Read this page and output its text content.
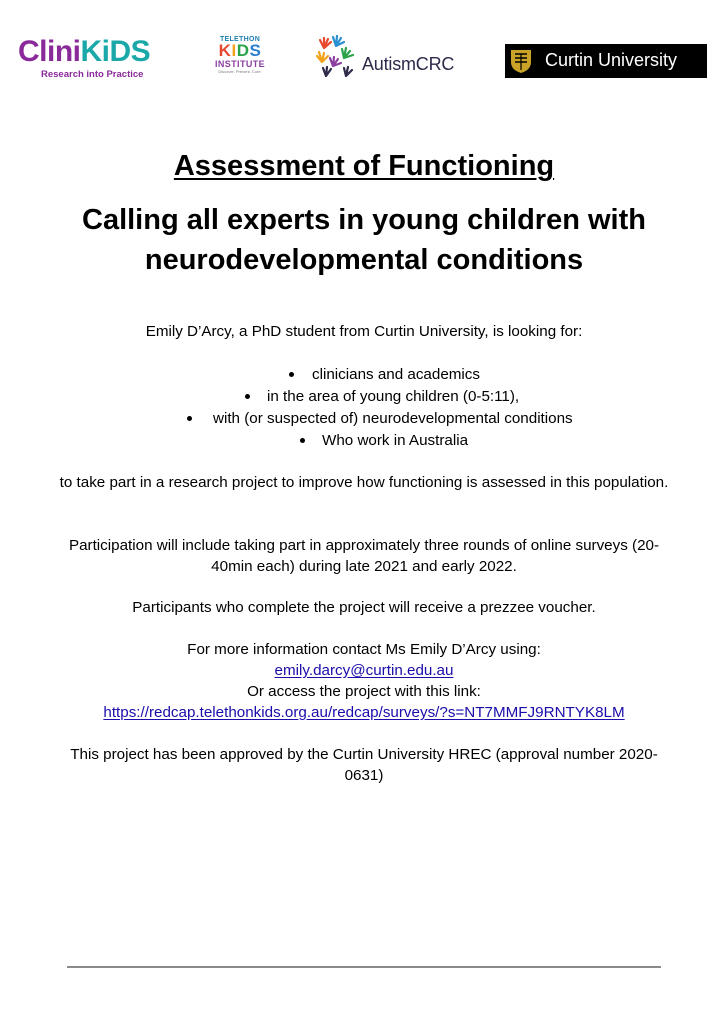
CliniKiDS
Research into Practice
TELETHON
KIDS
INSTITUTE
Discover. Prevent. Cure.	AutismCRC	Curtin University
Assessment of Functioning
Calling all experts in young children with neurodevelopmental conditions

Emily D’Arcy, a PhD student from Curtin University, is looking for:

clinicians and academics
in the area of young children (0-5:11),
with (or suspected of) neurodevelopmental conditions
Who work in Australia

to take part in a research project to improve how functioning is assessed in this population.

Participation will include taking part in approximately three rounds of online surveys (20-40min each) during late 2021 and early 2022.

Participants who complete the project will receive a prezzee voucher.

For more information contact Ms Emily D’Arcy using:

emily.darcy@curtin.edu.au

Or access the project with this link:

https://redcap.telethonkids.org.au/redcap/surveys/?s=NT7MMFJ9RNTYK8LM

This project has been approved by the Curtin University HREC (approval number 2020-0631)
